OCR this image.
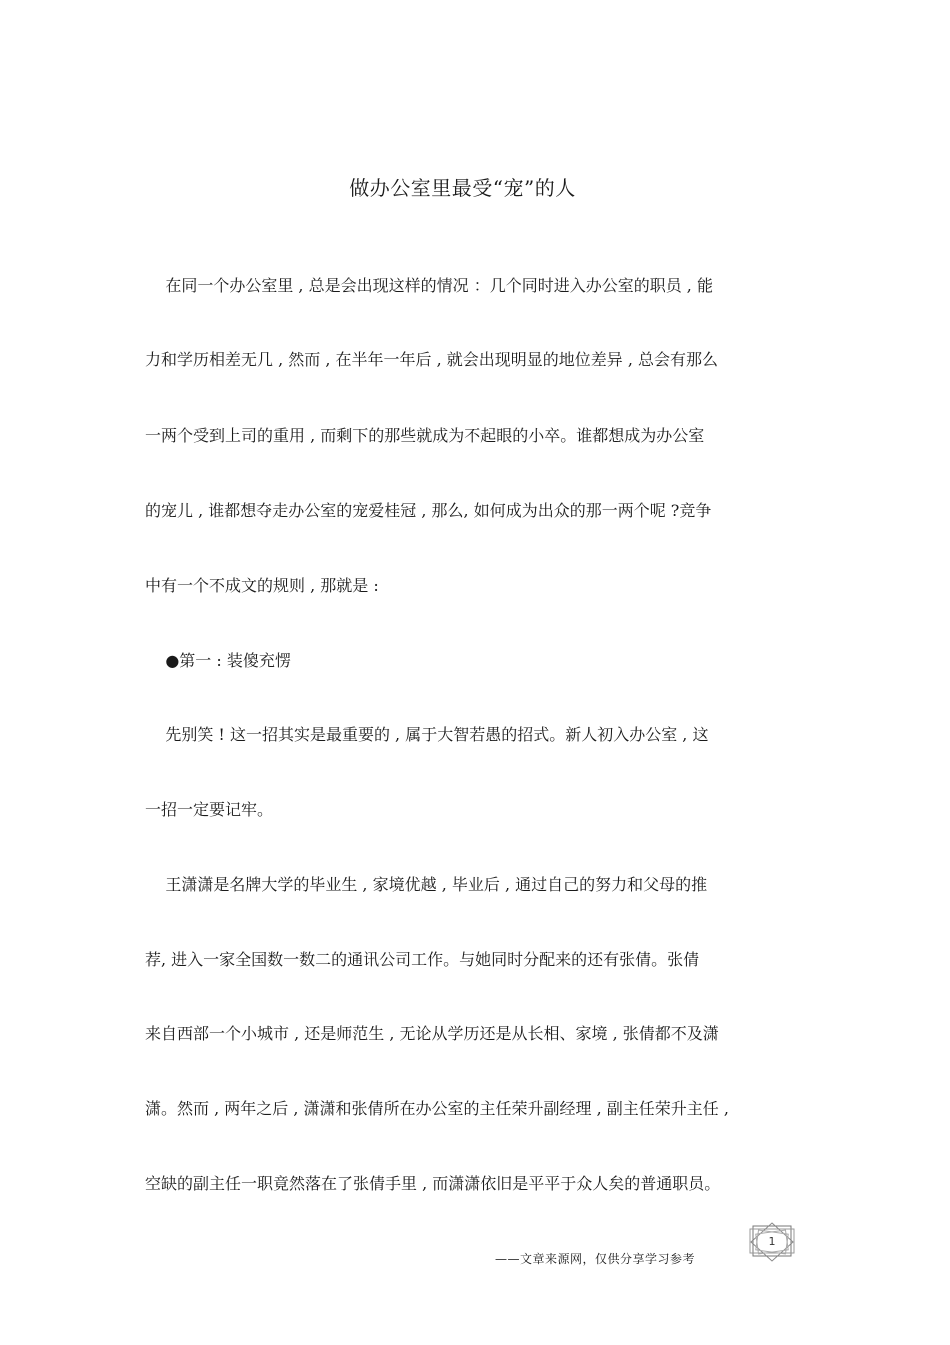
做办公室里最受“宠”的人
在同一个办公室里 , 总是会出现这样的情况 ：几个同时进入办公室的职员 , 能
力和学历相差无几 , 然而 , 在半年一年后 , 就会出现明显的地位差异 , 总会有那么
一两个受到上司的重用 , 而剩下的那些就成为不起眼的小卒。谁都想成为办公室
的宠儿 , 谁都想夺走办公室的宠爱桂冠 , 那么, 如何成为出众的那一两个呢 ?竞争
中有一个不成文的规则 , 那就是 :
●第一 : 装傻充愣
先别笑 ! 这一招其实是最重要的 , 属于大智若愚的招式。新人初入办公室 , 这
一招一定要记牢。
王潇潇是名牌大学的毕业生 , 家境优越 , 毕业后 , 通过自己的努力和父母的推
荐, 进入一家全国数一数二的通讯公司工作。与她同时分配来的还有张倩。张倩
来自西部一个小城市 , 还是师范生 , 无论从学历还是从长相、家境 , 张倩都不及潇
潇。然而 , 两年之后 , 潇潇和张倩所在办公室的主任荣升副经理 , 副主任荣升主任 ,
空缺的副主任一职竟然落在了张倩手里 , 而潇潇依旧是平平于众人矣的普通职员。
1
——文章来源网，仅供分享学习参考
